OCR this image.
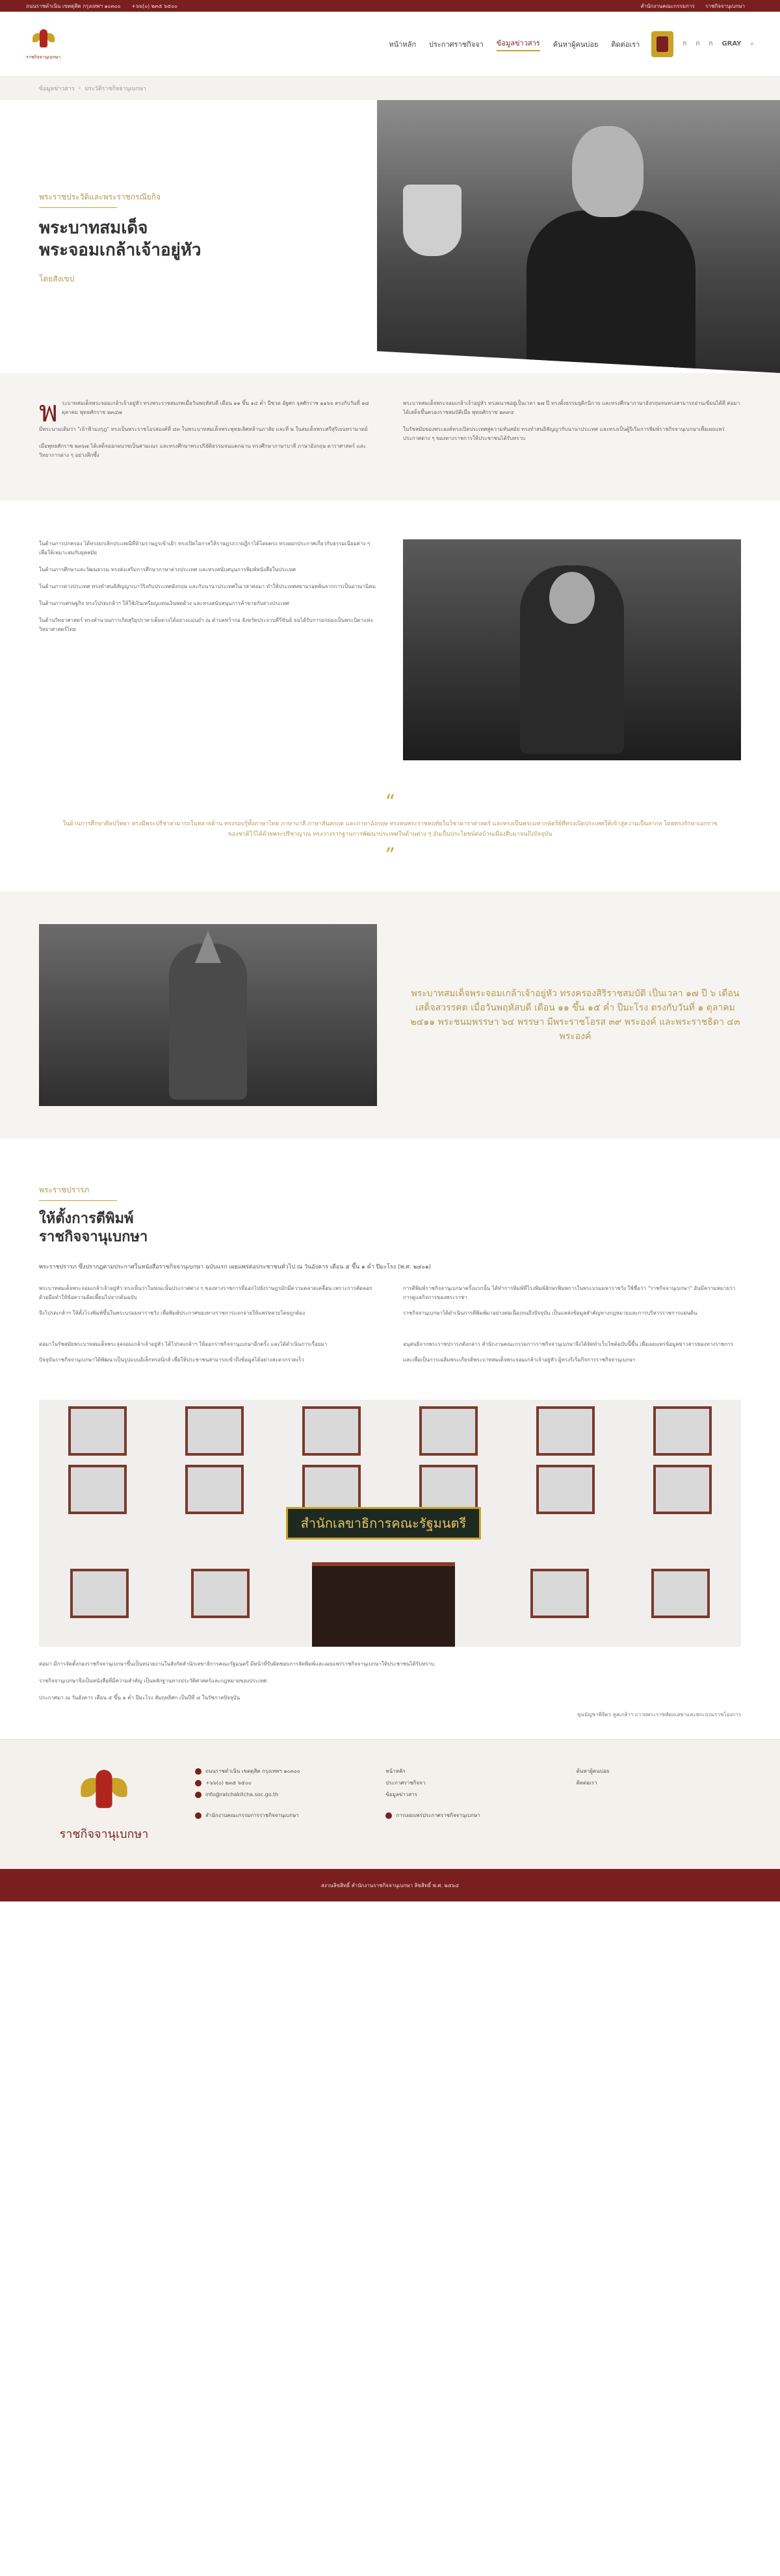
ถนนราชดำเนิน เขตดุสิต กรุงเทพฯ ๑๐๓๐๐ +๖๖(๐) ๒๓๕ ๖๕๐๐	สำนักงานคณะกรรมการ ราชกิจจานุเบกษา
ราชกิจจานุเบกษา
หน้าหลัก ประกาศราชกิจจา ข้อมูลข่าวสาร ค้นหาผู้คนบ่อย ติดต่อเรา	ก ก ก GRAY ⌕
ข้อมูลข่าวสาร › ประวัติราชกิจจานุเบกษา
พระราชประวัติและพระราชกรณียกิจ
พระบาทสมเด็จ
พระจอมเกล้าเจ้าอยู่หัว
โดยสังเขป

พระบาทสมเด็จพระจอมเกล้าเจ้าอยู่หัว ทรงพระราชสมภพเมื่อวันพฤหัสบดี เดือน ๑๑ ขึ้น ๑๔ ค่ำ ปีชวด อัฐศก จุลศักราช ๑๑๖๖ ตรงกับวันที่ ๑๘ ตุลาคม พุทธศักราช ๒๓๔๗

มีพระนามเดิมว่า "เจ้าฟ้ามงกุฎ" ทรงเป็นพระราชโอรสองค์ที่ ๔๓ ในพระบาทสมเด็จพระพุทธเลิศหล้านภาลัย และที่ ๒ ในสมเด็จพระศรีสุริเยนทรามาตย์

เมื่อพุทธศักราช ๒๓๖๗ ได้เสด็จออกผนวชเป็นสามเณร และทรงศึกษาพระปริยัติธรรมจนแตกฉาน ทรงศึกษาภาษาบาลี ภาษาอังกฤษ ดาราศาสตร์ และวิทยาการต่าง ๆ อย่างลึกซึ้ง

พระบาทสมเด็จพระจอมเกล้าเจ้าอยู่หัว ทรงผนวชอยู่เป็นเวลา ๒๗ ปี ทรงตั้งธรรมยุติกนิกาย และทรงศึกษาภาษาอังกฤษจนทรงสามารถอ่านเขียนได้ดี ต่อมาได้เสด็จขึ้นครองราชสมบัติเมื่อ พุทธศักราช ๒๓๙๔

ในรัชสมัยของพระองค์ทรงเปิดประเทศสู่ความทันสมัย ทรงทำสนธิสัญญากับนานาประเทศ และทรงเป็นผู้ริเริ่มการพิมพ์ราชกิจจานุเบกษาเพื่อเผยแพร่ประกาศต่าง ๆ ของทางราชการให้ประชาชนได้รับทราบ

ในด้านการปกครอง ได้ทรงยกเลิกประเพณีที่ห้ามราษฎรเข้าเฝ้า ทรงเปิดโอกาสให้ราษฎรถวายฎีกาได้โดยตรง ทรงออกประกาศเกี่ยวกับธรรมเนียมต่าง ๆ เพื่อให้เหมาะสมกับยุคสมัย

ในด้านการศึกษาและวัฒนธรรม ทรงส่งเสริมการศึกษาภาษาต่างประเทศ และทรงสนับสนุนการพิมพ์หนังสือในประเทศ

ในด้านการต่างประเทศ ทรงทำสนธิสัญญาเบาว์ริงกับประเทศอังกฤษ และกับนานาประเทศในเวลาต่อมา ทำให้ประเทศสยามรอดพ้นจากการเป็นอาณานิคม

ในด้านการเศรษฐกิจ ทรงโปรดเกล้าฯ ให้ใช้เงินเหรียญแทนเงินพดด้วง และทรงสนับสนุนการค้าขายกับต่างประเทศ

ในด้านวิทยาศาสตร์ ทรงคำนวณการเกิดสุริยุปราคาเต็มดวงได้อย่างแม่นยำ ณ ตำบลหว้ากอ จังหวัดประจวบคีรีขันธ์ จนได้รับการยกย่องเป็นพระบิดาแห่งวิทยาศาสตร์ไทย

“

ในด้านการศึกษาศิลปวิทยา ทรงมีพระปรีชาสามารถในหลายด้าน ทรงรอบรู้ทั้งภาษาไทย ภาษาบาลี ภาษาสันสกฤต และภาษาอังกฤษ ทรงสนพระราชหฤทัยในวิชาดาราศาสตร์ และทรงเป็นพระมหากษัตริย์ที่ทรงเปิดประเทศให้เข้าสู่ความเป็นสากล โดยทรงรักษาเอกราชของชาติไว้ได้ด้วยพระปรีชาญาณ ทรงวางรากฐานการพัฒนาประเทศในด้านต่าง ๆ อันเป็นประโยชน์ต่อบ้านเมืองสืบมาจนถึงปัจจุบัน

”
พระบาทสมเด็จพระจอมเกล้าเจ้าอยู่หัว ทรงครองสิริราชสมบัติ เป็นเวลา ๑๗ ปี ๖ เดือน เสด็จสวรรคต เมื่อวันพฤหัสบดี เดือน ๑๑ ขึ้น ๑๕ ค่ำ ปีมะโรง ตรงกับวันที่ ๑ ตุลาคม ๒๔๑๑ พระชนมพรรษา ๖๔ พรรษา มีพระราชโอรส ๓๙ พระองค์ และพระราชธิดา ๔๓ พระองค์
พระราชปรารภ
ให้ตั้งการตีพิมพ์
ราชกิจจานุเบกษา
พระราชปรารภ ซึ่งปรากฏตามประกาศในหนังสือราชกิจจานุเบกษา ฉบับแรก เผยแพร่ต่อประชาชนทั่วไป ณ วันอังคาร เดือน ๕ ขึ้น ๑ ค่ำ ปีมะโรง (พ.ศ. ๒๔๐๑)

พระบาทสมเด็จพระจอมเกล้าเจ้าอยู่หัว ทรงเห็นว่าในขณะนั้นประกาศต่าง ๆ ของทางราชการที่ออกไปยังราษฎรมักมีความคลาดเคลื่อน เพราะการคัดลอกด้วยมือทำให้ข้อความผิดเพี้ยนไปจากต้นฉบับ

จึงโปรดเกล้าฯ ให้ตั้งโรงพิมพ์ขึ้นในพระบรมมหาราชวัง เพื่อพิมพ์ประกาศของทางราชการแจกจ่ายให้แพร่หลายโดยถูกต้อง

การตีพิมพ์ราชกิจจานุเบกษาครั้งแรกนั้น ได้ทำการพิมพ์ที่โรงพิมพ์อักษรพิมพการในพระบรมมหาราชวัง ใช้ชื่อว่า "ราชกิจจานุเบกษา" อันมีความหมายว่า การดูแลกิจการของพระราชา

ราชกิจจานุเบกษาได้ดำเนินการตีพิมพ์มาอย่างต่อเนื่องจนถึงปัจจุบัน เป็นแหล่งข้อมูลสำคัญทางกฎหมายและการบริหารราชการแผ่นดิน

ต่อมาในรัชสมัยพระบาทสมเด็จพระจุลจอมเกล้าเจ้าอยู่หัว ได้โปรดเกล้าฯ ให้ออกราชกิจจานุเบกษาอีกครั้ง และได้ดำเนินการเรื่อยมา

ปัจจุบันราชกิจจานุเบกษาได้พัฒนาเป็นรูปแบบอิเล็กทรอนิกส์ เพื่อให้ประชาชนสามารถเข้าถึงข้อมูลได้อย่างสะดวกรวดเร็ว

อนุสนธิจากพระราชปรารภดังกล่าว สำนักงานคณะกรรมการราชกิจจานุเบกษาจึงได้จัดทำเว็บไซต์ฉบับนี้ขึ้น เพื่อเผยแพร่ข้อมูลข่าวสารของทางราชการ

และเพื่อเป็นการเฉลิมพระเกียรติพระบาทสมเด็จพระจอมเกล้าเจ้าอยู่หัว ผู้ทรงริเริ่มกิจการราชกิจจานุเบกษา

สำนักเลขาธิการคณะรัฐมนตรี

ต่อมา มีการจัดตั้งกองราชกิจจานุเบกษาขึ้นเป็นหน่วยงานในสังกัดสำนักเลขาธิการคณะรัฐมนตรี มีหน้าที่รับผิดชอบการจัดพิมพ์และเผยแพร่ราชกิจจานุเบกษาให้ประชาชนได้รับทราบ

ราชกิจจานุเบกษาจึงเป็นหนังสือที่มีความสำคัญ เป็นหลักฐานทางประวัติศาสตร์และกฎหมายของประเทศ

ประกาศมา ณ วันอังคาร เดือน ๕ ขึ้น ๑ ค่ำ ปีมะโรง สัมฤทธิศก เป็นปีที่ ๘ ในรัชกาลปัจจุบัน

ขุนบัญชาพิจิตร ทูลเกล้าฯ ถวายพระราชหัตถเลขาและพระบรมราชโองการ
ราชกิจจานุเบกษา
ถนนราชดำเนิน เขตดุสิต กรุงเทพฯ ๑๐๓๐๐
+๖๖(๐) ๒๓๕ ๖๕๐๐
info@ratchakitcha.soc.go.th
สำนักงานคณะกรรมการราชกิจจานุเบกษา
หน้าหลัก
ประกาศราชกิจจา
ข้อมูลข่าวสาร
การเผยแพร่ประกาศราชกิจจานุเบกษา
ค้นหาผู้คนบ่อย
ติดต่อเรา
สงวนลิขสิทธิ์ สำนักงานราชกิจจานุเบกษา ลิขสิทธิ์ พ.ศ. ๒๕๖๔
